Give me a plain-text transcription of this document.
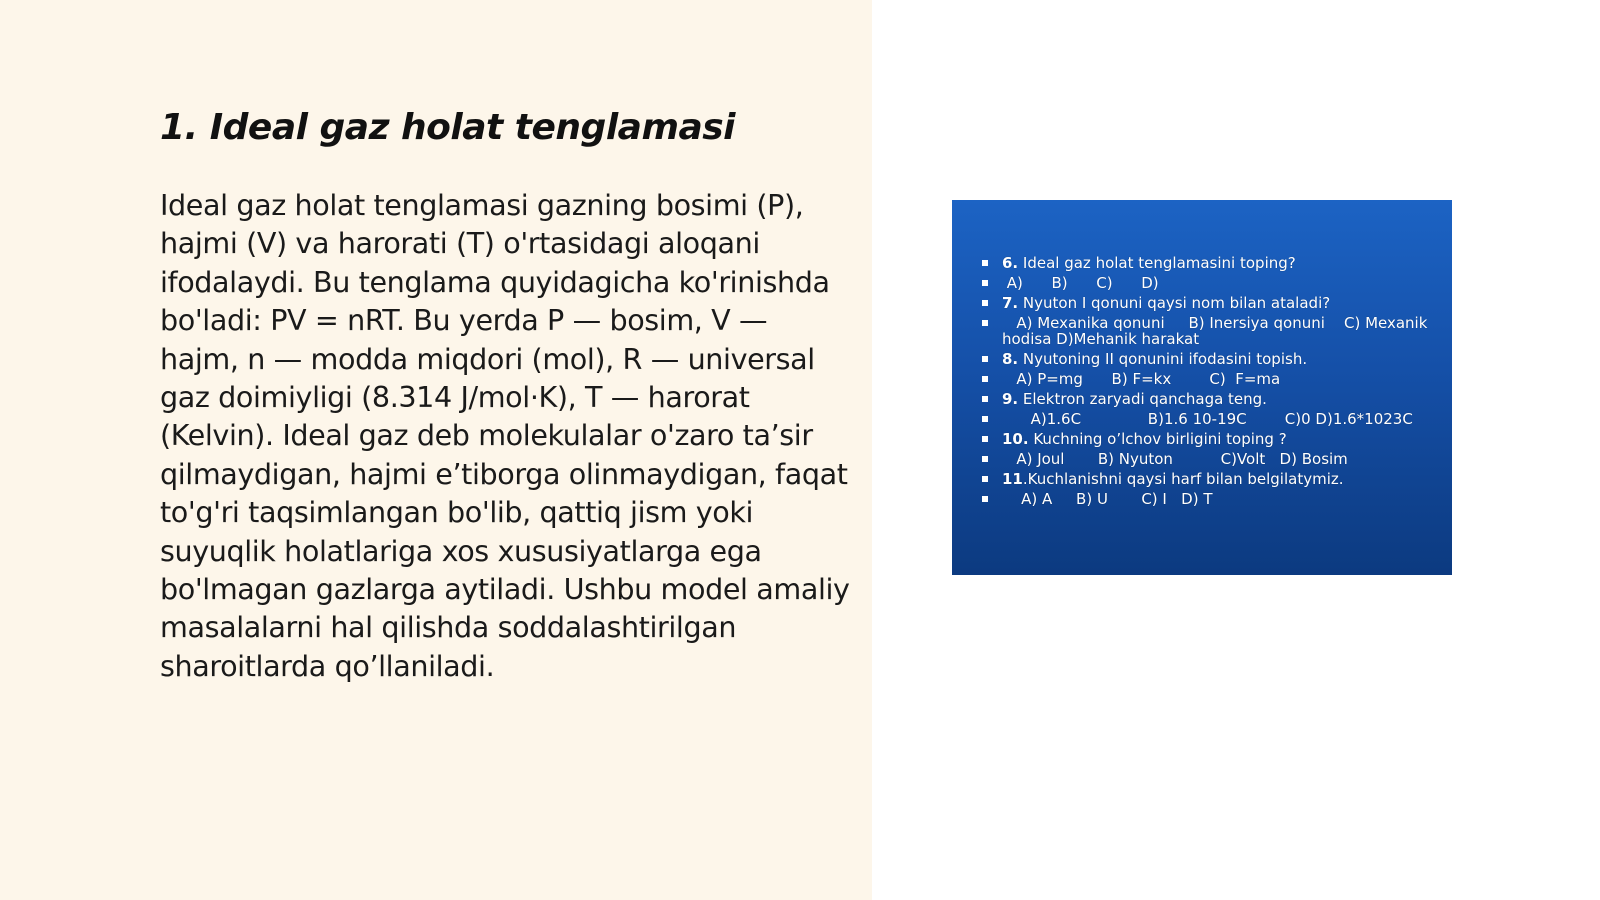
1. Ideal gaz holat tenglamasi

Ideal gaz holat tenglamasi gazning bosimi (P), hajmi (V) va harorati (T) o'rtasidagi aloqani ifodalaydi. Bu tenglama quyidagicha ko'rinishda bo'ladi: PV = nRT. Bu yerda P — bosim, V — hajm, n — modda miqdori (mol), R — universal gaz doimiyligi (8.314 J/mol·K), T — harorat (Kelvin). Ideal gaz deb molekulalar o'zaro ta’sir qilmaydigan, hajmi e’tiborga olinmaydigan, faqat to'g'ri taqsimlangan bo'lib, qattiq jism yoki suyuqlik holatlariga xos xususiyatlarga ega bo'lmagan gazlarga aytiladi. Ushbu model amaliy masalalarni hal qilishda soddalashtirilgan sharoitlarda qo’llaniladi.

6. Ideal gaz holat tenglamasini toping?
A)      B)      C)      D)
7. Nyuton I qonuni qaysi nom bilan ataladi?
A) Mexanika qonuni     B) Inersiya qonuni    C) Mexanik hodisa D)Mehanik harakat
8. Nyutoning II qonunini ifodasini topish.
A) P=mg      B) F=kx        C)  F=ma
9. Elektron zaryadi qanchaga teng.
A)1.6C              B)1.6 10-19C        C)0 D)1.6*1023C
10. Kuchning o’lchov birligini toping ?
A) Joul       B) Nyuton          C)Volt   D) Bosim
11.Kuchlanishni qaysi harf bilan belgilatymiz.
A) A     B) U       C) I   D) T
